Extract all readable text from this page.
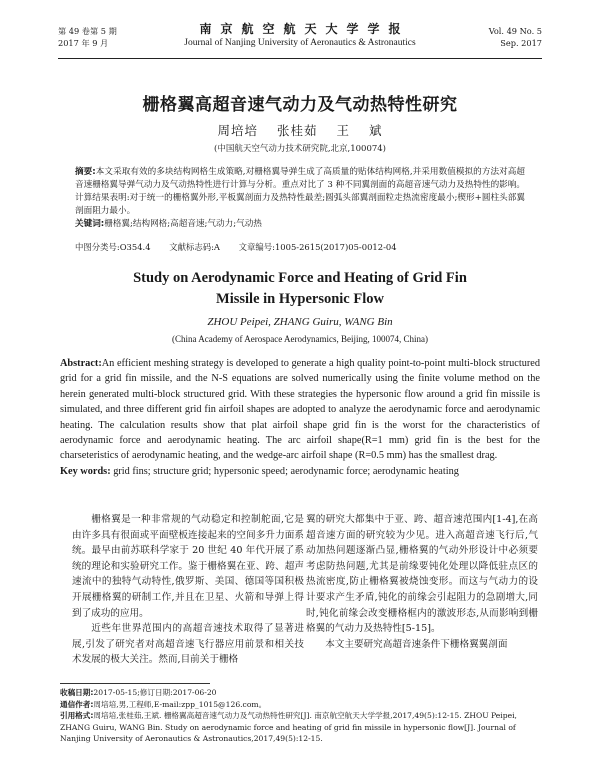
第 49 卷第 5 期
2017 年 9 月
南京航空航天大学学报
Journal of Nanjing University of Aeronautics & Astronautics
Vol. 49 No. 5
Sep. 2017
栅格翼高超音速气动力及气动热特性研究
周培培 张桂茹 王 斌
(中国航天空气动力技术研究院,北京,100074)
摘要:本文采取有效的多块结构网格生成策略,对栅格翼导弹生成了高质量的贴体结构网格,并采用数值模拟的方法对高超音速栅格翼导弹气动力及气动热特性进行计算与分析。重点对比了 3 种不同翼剖面的高超音速气动力及热特性的影响。计算结果表明:对于统一的栅格翼外形,平板翼剖面力及热特性最差;圆弧头部翼剖面粒走热流密度最小;楔形+圆柱头部翼剖面阻力最小。
关键词:栅格翼;结构网格;高超音速;气动力;气动热
中图分类号:O354.4 文献标志码:A 文章编号:1005-2615(2017)05-0012-04
Study on Aerodynamic Force and Heating of Grid Fin
Missile in Hypersonic Flow
ZHOU Peipei, ZHANG Guiru, WANG Bin
(China Academy of Aerospace Aerodynamics, Beijing, 100074, China)
Abstract:An efficient meshing strategy is developed to generate a high quality point-to-point multi-block structured grid for a grid fin missile, and the N-S equations are solved numerically using the finite volume method on the herein generated multi-block structured grid. With these strategies the hypersonic flow around a grid fin missile is simulated, and three different grid fin airfoil shapes are adopted to analyze the aerodynamic force and aerodynamic heating. The calculation results show that plat airfoil shape grid fin is the worst for the characteristics of aerodynamic force and aerodynamic heating. The arc airfoil shape(R=1 mm) grid fin is the best for the charseteristics of aerodynamic heating, and the wedge-arc airfoil shape (R=0.5 mm) has the smallest drag.
Key words: grid fins; structure grid; hypersonic speed; aerodynamic force; aerodynamic heating

栅格翼是一种非常规的气动稳定和控制舵面,它是由许多具有很面或平面壁板连接起来的空间多升力面系统。最早由前苏联科学家于 20 世纪 40 年代开展了系统的理论和实验研究工作。鉴于栅格翼在亚、跨、超声速流中的独特气动特性,俄罗斯、美国、德国等国积极开展栅格翼的研制工作,并且在卫星、火箭和导弹上得到了成功的应用。

近些年世界范围内的高超音速技术取得了显著进展,引发了研究者对高超音速飞行器应用前景和相关技术发展的极大关注。然而,目前关于栅格

翼的研究大都集中于亚、跨、超音速范围内[1-4],在高超音速方面的研究较为少见。进入高超音速飞行后,气动加热问题逐渐凸显,栅格翼的气动外形设计中必须要考虑防热问题,尤其是前缘要钝化处理以降低驻点区的热流密度,防止栅格翼被烧蚀变形。而这与气动力的设计要求产生矛盾,钝化的前缘会引起阻力的急剧增大,同时,钝化前缘会改变栅格框内的激波形态,从而影响到栅格翼的气动力及热特性[5-15]。

本文主要研究高超音速条件下栅格翼翼剖面

收稿日期:2017-05-15;修订日期:2017-06-20
通信作者:周培培,男,工程师,E-mail:zpp_1015@126.com。
引用格式:周培培,张桂茹,王斌. 栅格翼高超音速气动力及气动热特性研究[J]. 南京航空航天大学学报,2017,49(5):12-15. ZHOU Peipei, ZHANG Guiru, WANG Bin. Study on aerodynamic force and heating of grid fin missile in hypersonic flow[J]. Journal of Nanjing University of Aeronautics & Astronautics,2017,49(5):12-15.
